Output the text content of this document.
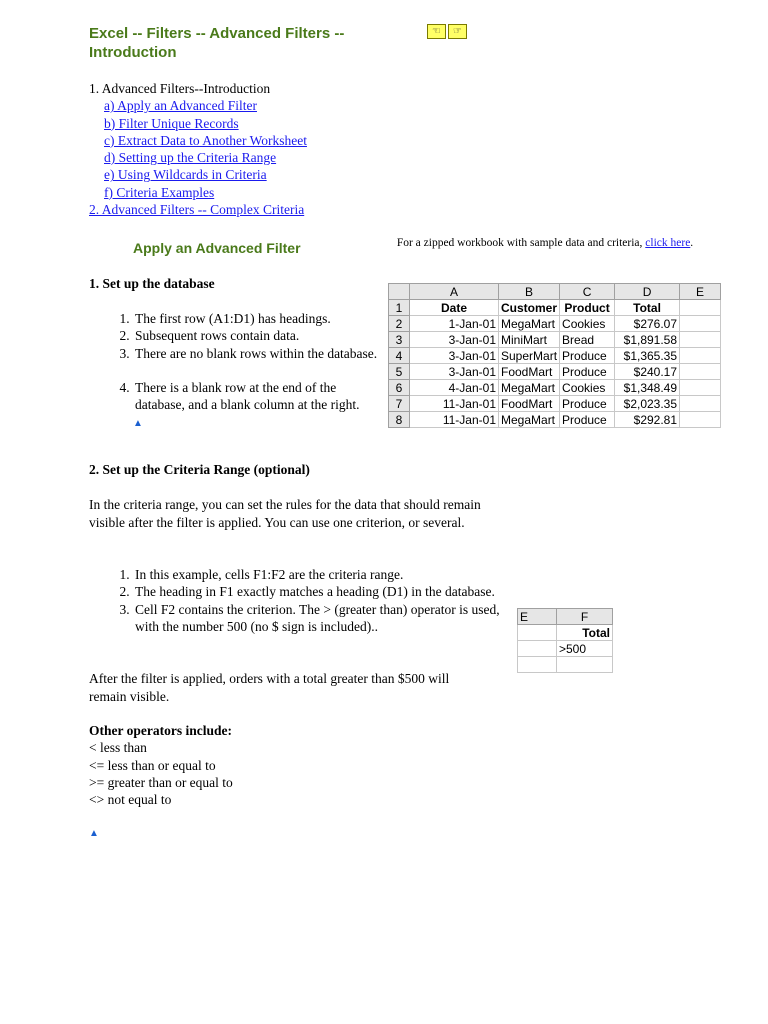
Excel -- Filters -- Advanced Filters -- Introduction
☜	☞
1. Advanced Filters--Introduction
a) Apply an Advanced Filter
b) Filter Unique Records
c) Extract Data to Another Worksheet
d) Setting up the Criteria Range
e) Using Wildcards in Criteria
f) Criteria Examples
2. Advanced Filters -- Complex Criteria
Apply an Advanced Filter	For a zipped workbook with sample data and criteria, click here.
1. Set up the database
1. The first row (A1:D1) has headings.
2. Subsequent rows contain data.
3. There are no blank rows within the database.
4. There is a blank row at the end of the database, and a blank column at the right.
▲
	A	B	C	D	E
1	Date	Customer	Product	Total	
2	1-Jan-01	MegaMart	Cookies	$276.07	
3	3-Jan-01	MiniMart	Bread	$1,891.58	
4	3-Jan-01	SuperMart	Produce	$1,365.35	
5	3-Jan-01	FoodMart	Produce	$240.17	
6	4-Jan-01	MegaMart	Cookies	$1,348.49	
7	11-Jan-01	FoodMart	Produce	$2,023.35	
8	11-Jan-01	MegaMart	Produce	$292.81	
2. Set up the Criteria Range (optional)
In the criteria range, you can set the rules for the data that should remain visible after the filter is applied. You can use one criterion, or several.
1. In this example, cells F1:F2 are the criteria range.
2. The heading in F1 exactly matches a heading (D1) in the database.
3. Cell F2 contains the criterion. The > (greater than) operator is used, with the number 500 (no $ sign is included)..
E	F
	Total
	>500

After the filter is applied, orders with a total greater than $500 will remain visible.
Other operators include:
< less than
<= less than or equal to
>= greater than or equal to
<> not equal to
▲
